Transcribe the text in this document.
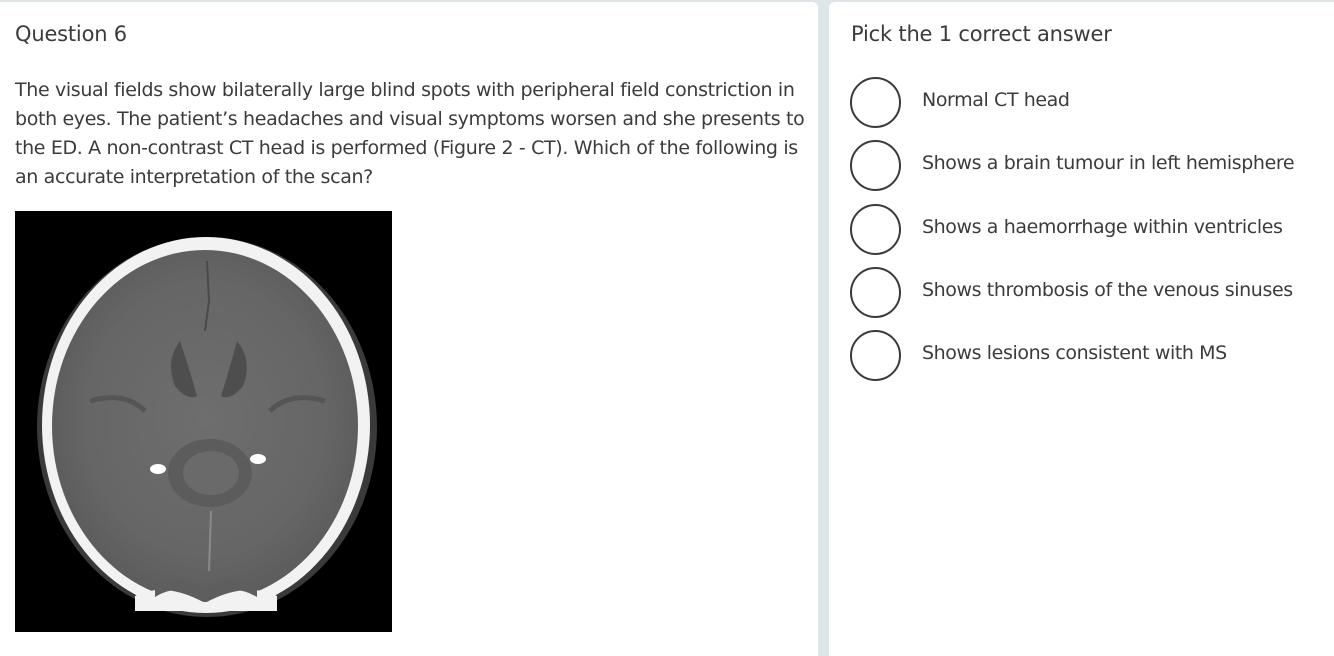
Question 6
The visual fields show bilaterally large blind spots with peripheral field constriction in both eyes. The patient’s headaches and visual symptoms worsen and she presents to the ED. A non-contrast CT head is performed (Figure 2 - CT). Which of the following is an accurate interpretation of the scan?
Pick the 1 correct answer
Normal CT head
Shows a brain tumour in left hemisphere
Shows a haemorrhage within ventricles
Shows thrombosis of the venous sinuses
Shows lesions consistent with MS
